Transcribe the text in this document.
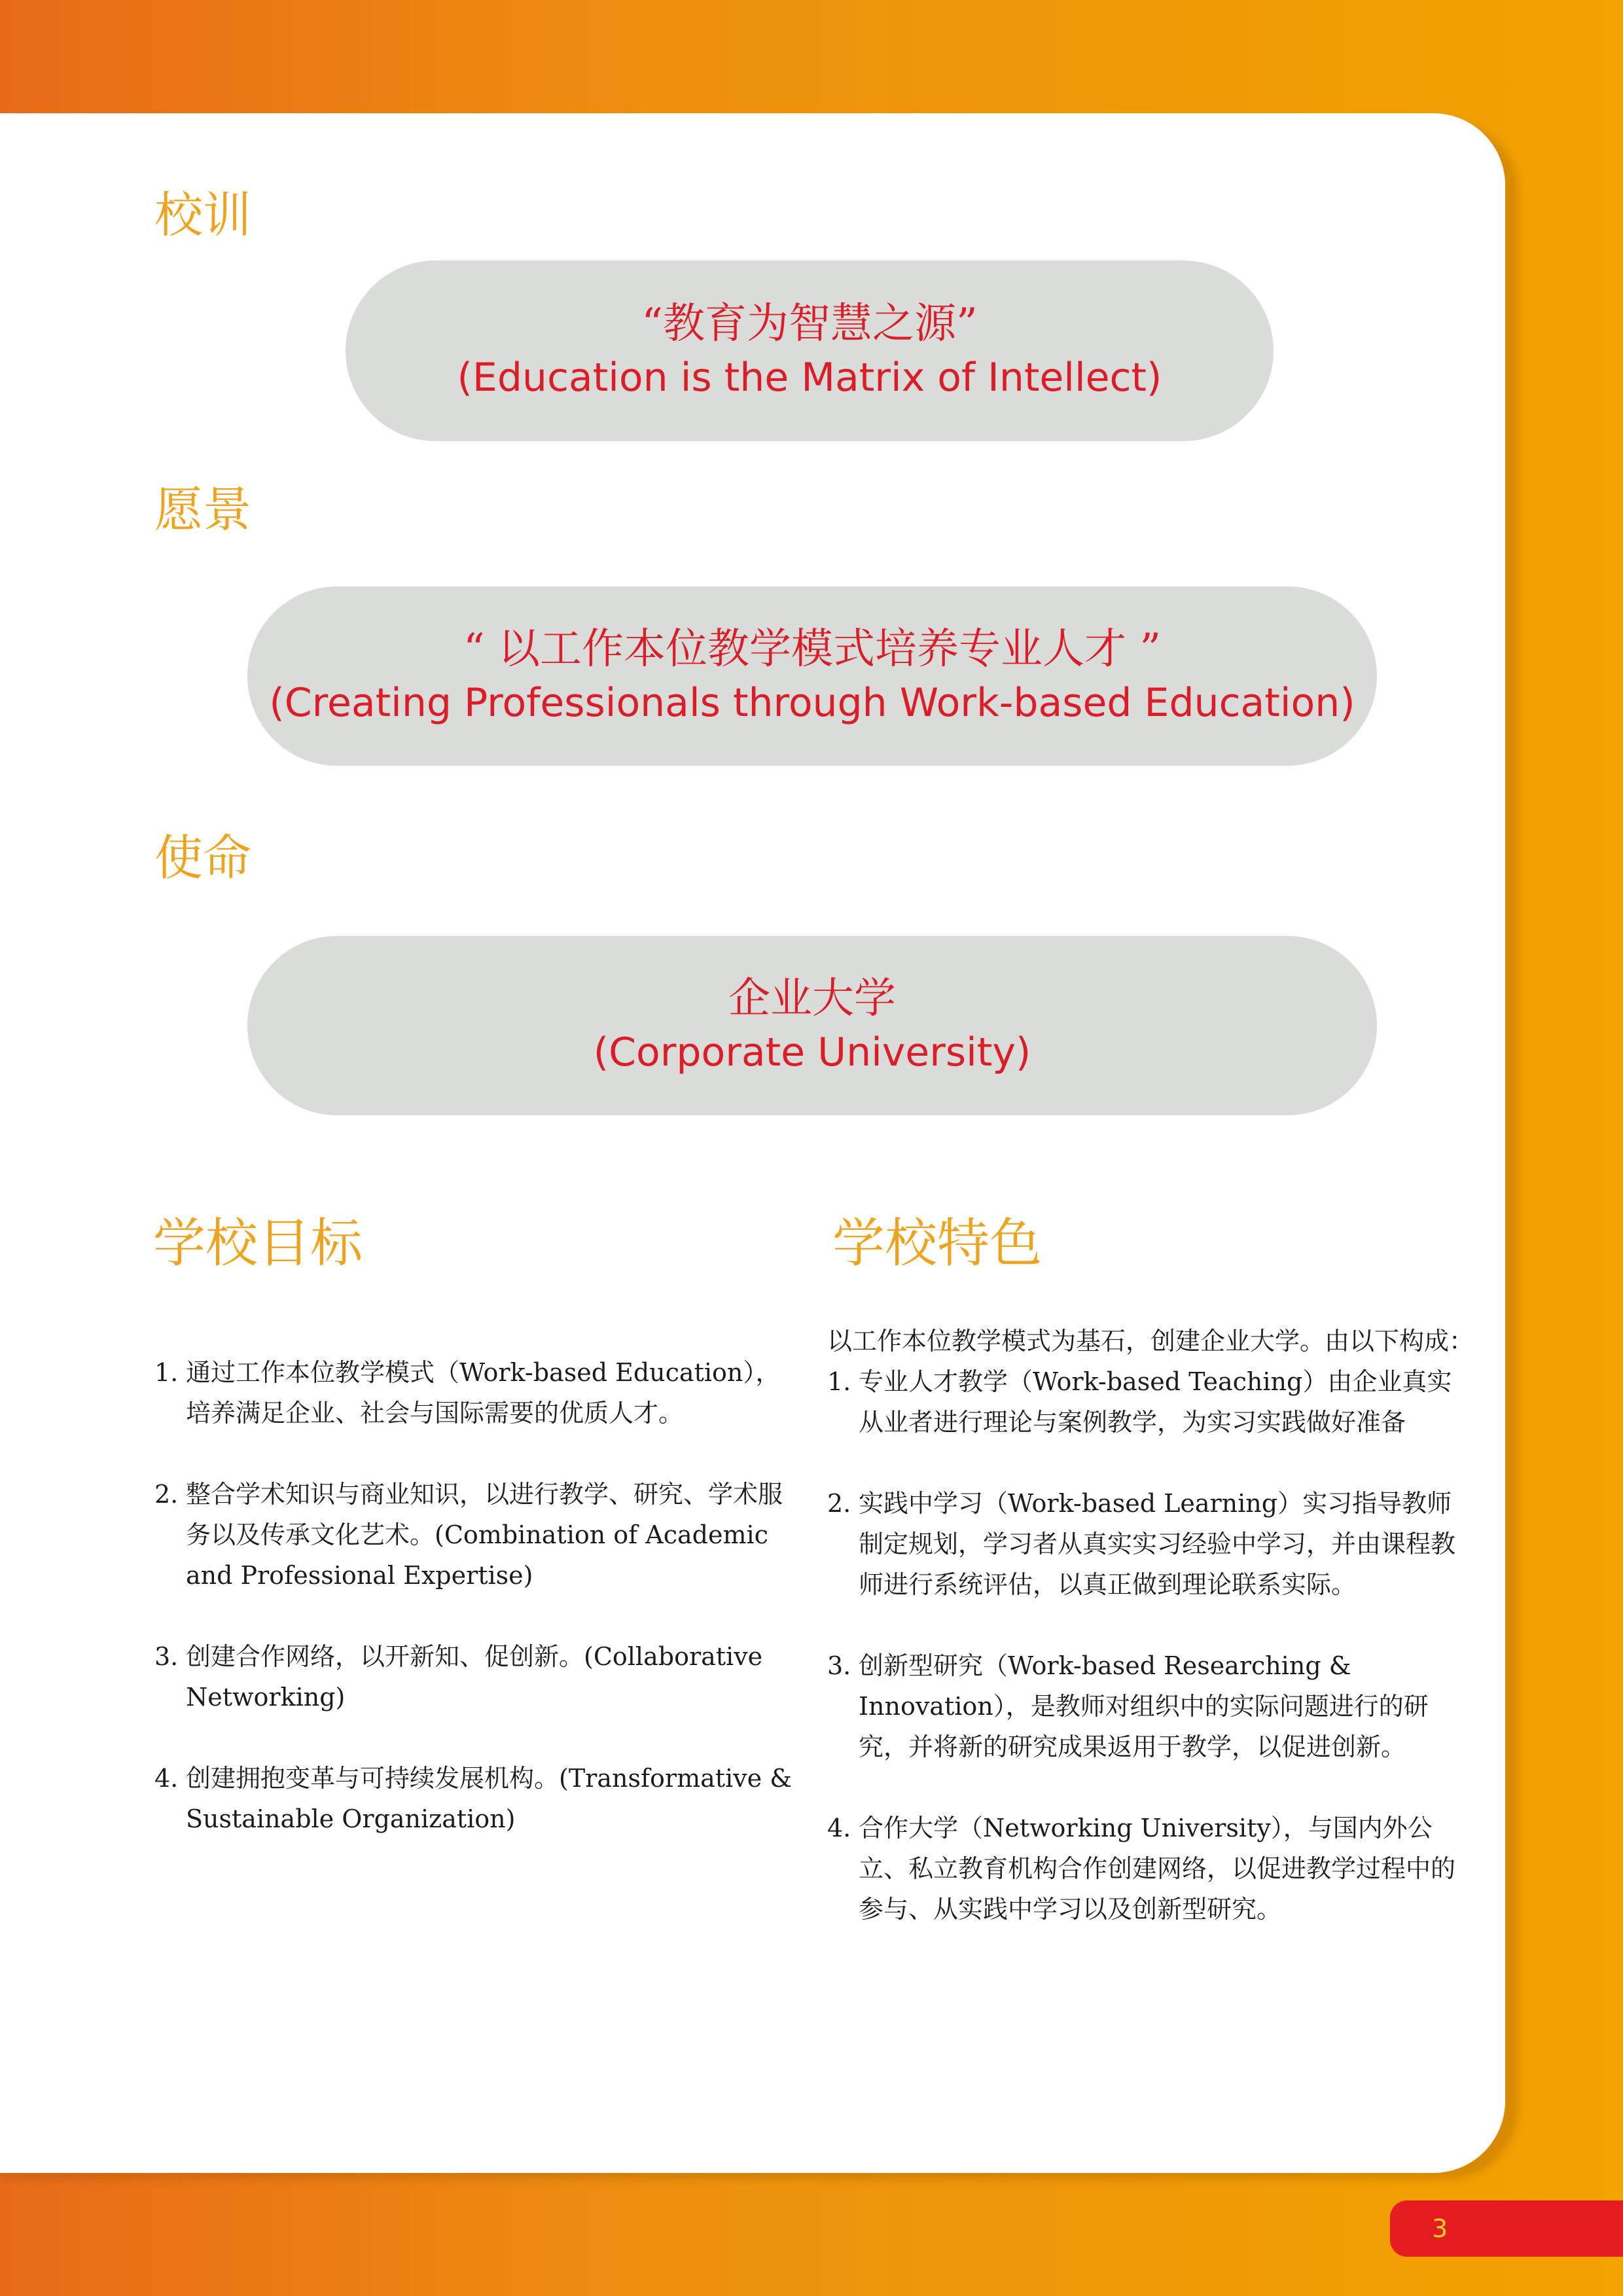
校训
“教育为智慧之源”
(Education is the Matrix of Intellect)
愿景
“ 以工作本位教学模式培养专业人才 ”
(Creating Professionals through Work-based Education)
使命
企业大学
(Corporate University)
学校目标
1. 通过工作本位教学模式（Work-based Education），培养满足企业、社会与国际需要的优质人才。
2. 整合学术知识与商业知识，以进行教学、研究、学术服务以及传承文化艺术。(Combination of Academic and Professional Expertise)
3. 创建合作网络，以开新知、促创新。(Collaborative Networking)
4. 创建拥抱变革与可持续发展机构。(Transformative & Sustainable Organization)
学校特色

以工作本位教学模式为基石，创建企业大学。由以下构成：

1. 专业人才教学（Work-based Teaching）由企业真实从业者进行理论与案例教学，为实习实践做好准备
2. 实践中学习（Work-based Learning）实习指导教师制定规划，学习者从真实实习经验中学习，并由课程教师进行系统评估，以真正做到理论联系实际。
3. 创新型研究（Work-based Researching & Innovation），是教师对组织中的实际问题进行的研究，并将新的研究成果返用于教学，以促进创新。
4. 合作大学（Networking University），与国内外公立、私立教育机构合作创建网络，以促进教学过程中的参与、从实践中学习以及创新型研究。
3
